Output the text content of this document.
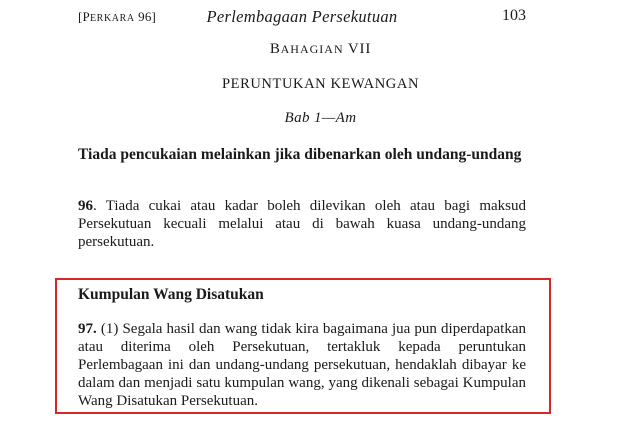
[PERKARA 96]	Perlembagaan Persekutuan	103
BAHAGIAN VII
PERUNTUKAN KEWANGAN
Bab 1—Am
Tiada pencukaian melainkan jika dibenarkan oleh undang-undang
96. Tiada cukai atau kadar boleh dilevikan oleh atau bagi maksud Persekutuan kecuali melalui atau di bawah kuasa undang-undang persekutuan.
Kumpulan Wang Disatukan
97. (1) Segala hasil dan wang tidak kira bagaimana jua pun diperdapatkan atau diterima oleh Persekutuan, tertakluk kepada peruntukan Perlembagaan ini dan undang-undang persekutuan, hendaklah dibayar ke dalam dan menjadi satu kumpulan wang, yang dikenali sebagai Kumpulan Wang Disatukan Persekutuan.
